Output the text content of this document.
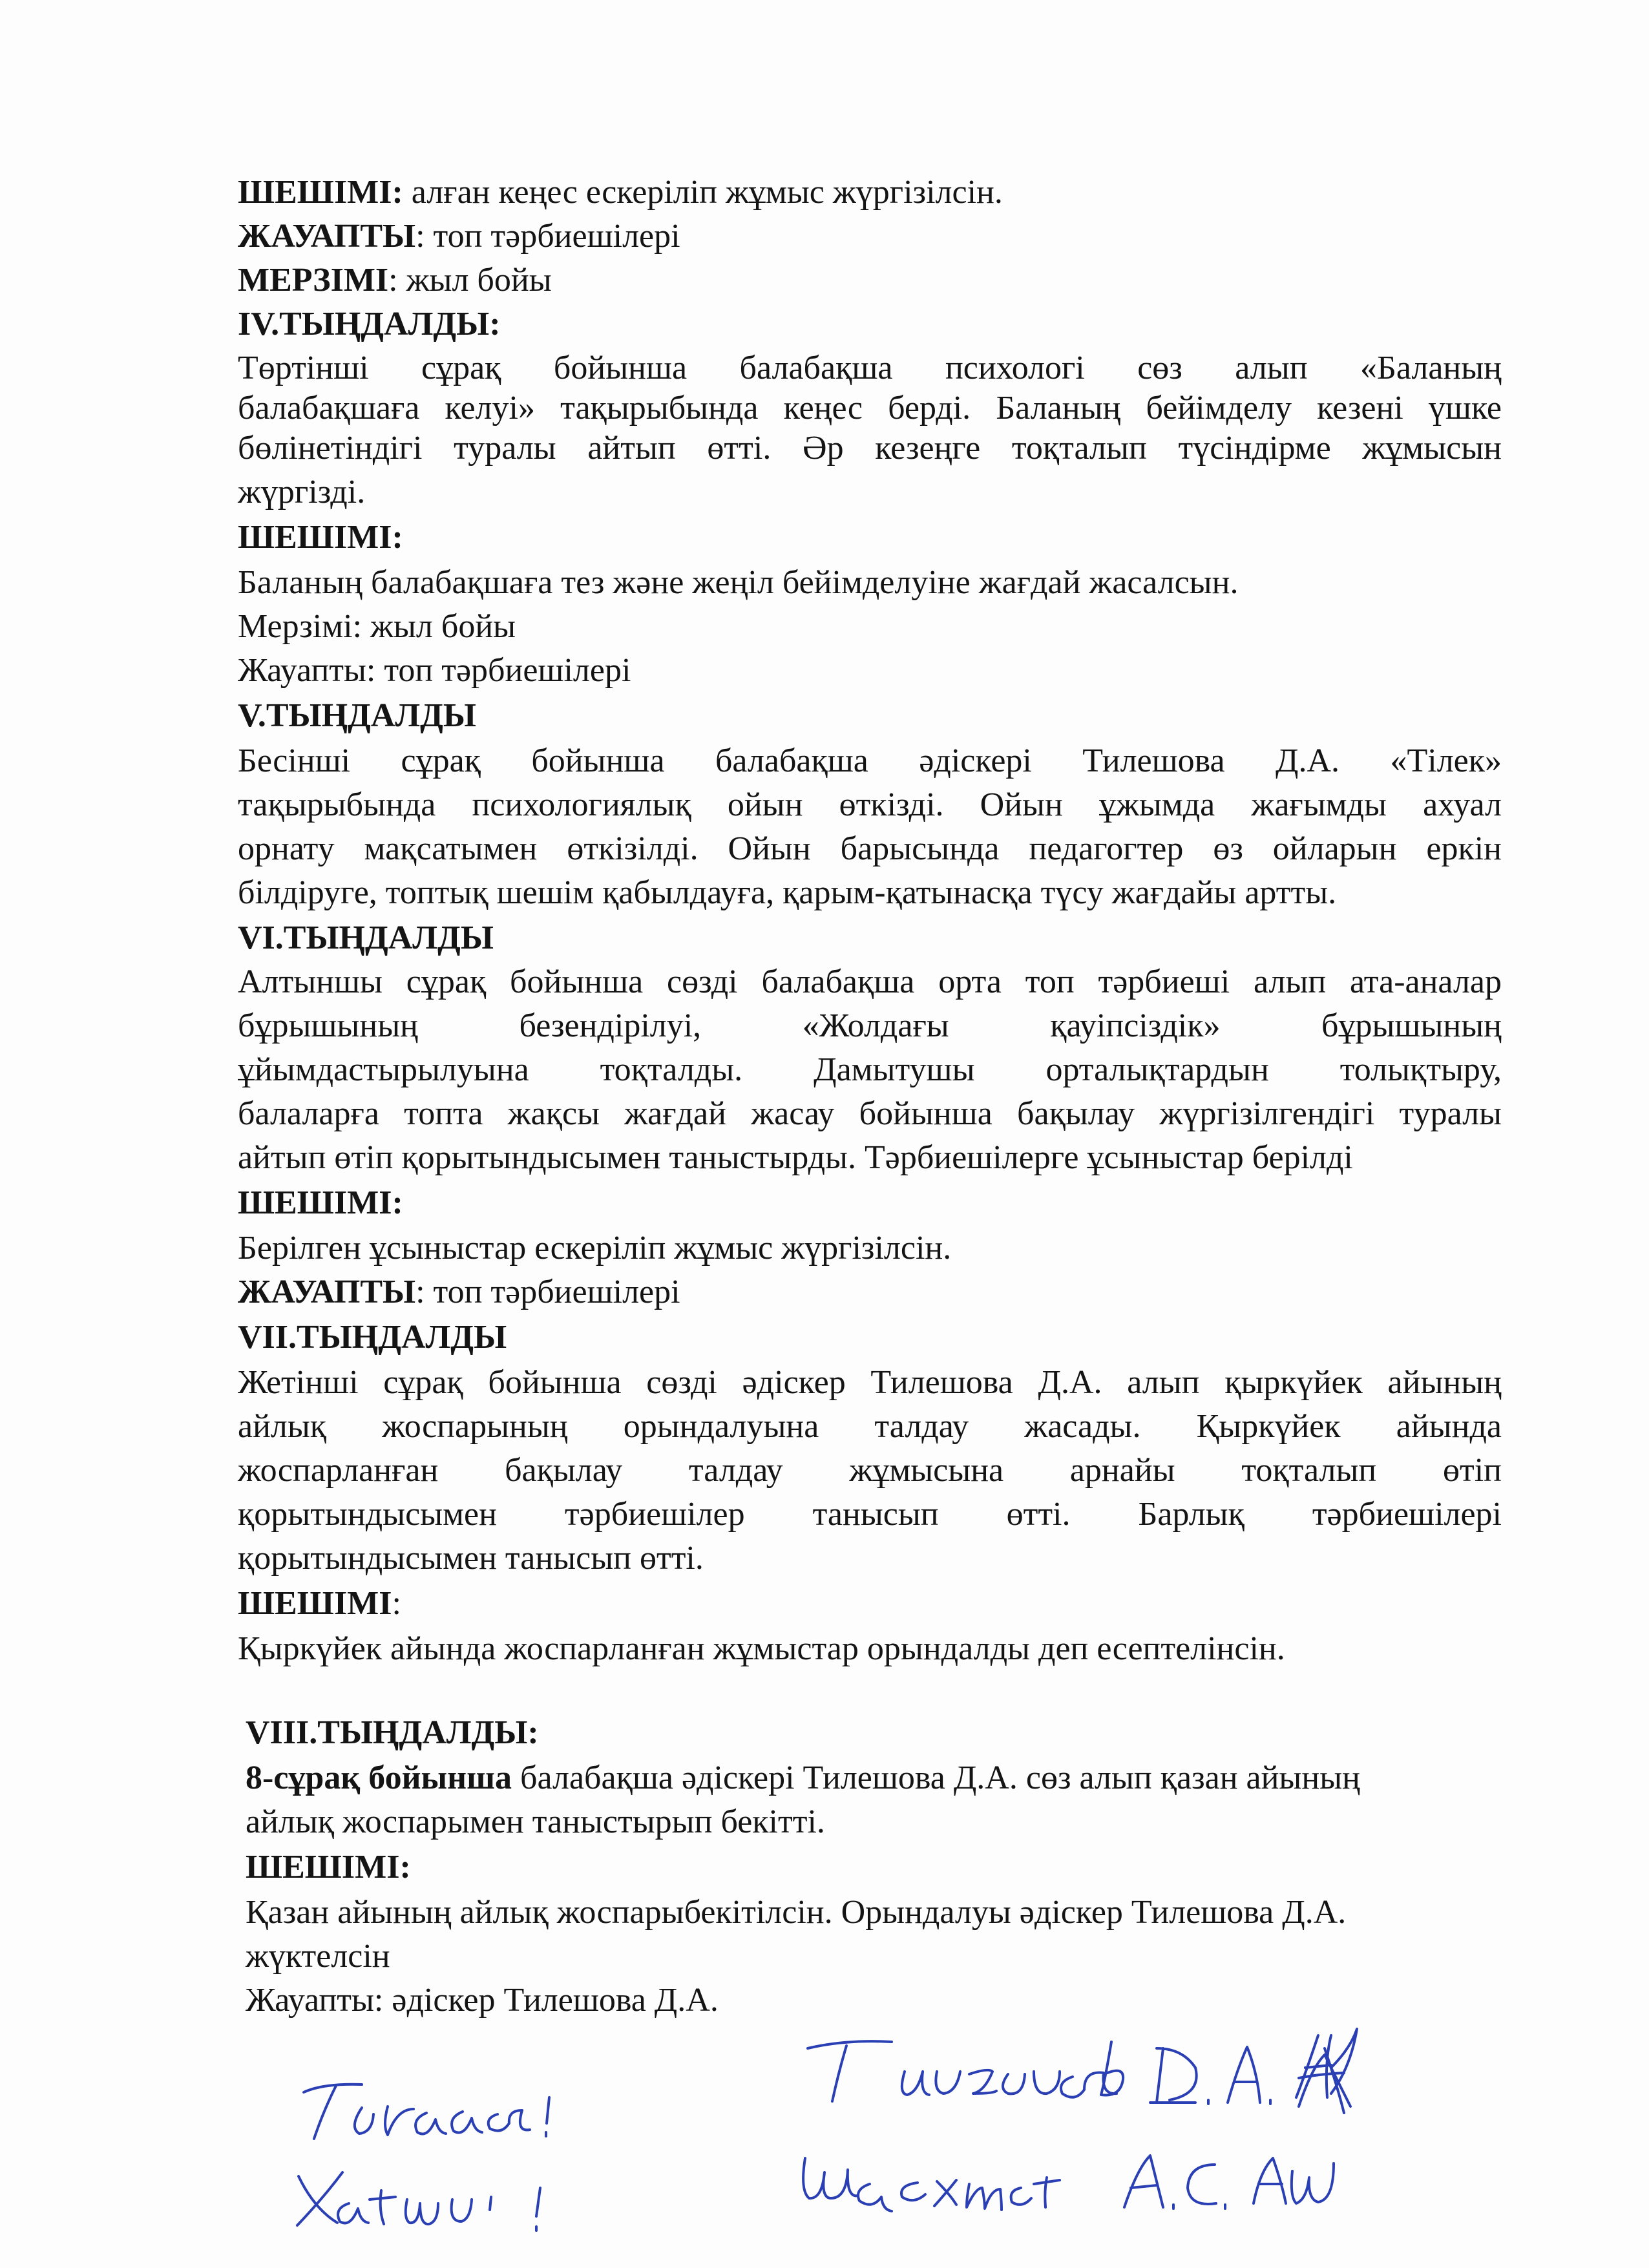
ШЕШІМІ: алған кеңес ескеріліп жұмыс жүргізілсін.
ЖАУАПТЫ: топ тәрбиешілері
МЕРЗІМІ: жыл бойы
IV.ТЫҢДАЛДЫ:
Төртінші сұрақ бойынша балабақша психологі сөз алып «Баланың
балабақшаға келуі» тақырыбында кеңес берді. Баланың бейімделу кезені үшке
бөлінетіндігі туралы айтып өтті. Әр кезеңге тоқталып түсіндірме жұмысын
жүргізді.
ШЕШІМІ:
Баланың балабақшаға тез және жеңіл бейімделуіне жағдай жасалсын.
Мерзімі: жыл бойы
Жауапты: топ тәрбиешілері
V.ТЫҢДАЛДЫ
Бесінші сұрақ бойынша балабақша әдіскері Тилешова Д.А. «Тілек»
тақырыбында психологиялық ойын өткізді. Ойын ұжымда жағымды ахуал
орнату мақсатымен өткізілді. Ойын барысында педагогтер өз ойларын еркін
білдіруге, топтық шешім қабылдауға, қарым-қатынасқа түсу жағдайы артты.
VI.ТЫҢДАЛДЫ
Алтыншы сұрақ бойынша сөзді балабақша орта топ тәрбиеші алып ата-аналар
бұрышының безендірілуі, «Жолдағы қауіпсіздік» бұрышының
ұйымдастырылуына тоқталды. Дамытушы орталықтардын толықтыру,
балаларға топта жақсы жағдай жасау бойынша бақылау жүргізілгендігі туралы
айтып өтіп қорытындысымен таныстырды. Тәрбиешілерге ұсыныстар берілді
ШЕШІМІ:
Берілген ұсыныстар ескеріліп жұмыс жүргізілсін.
ЖАУАПТЫ: топ тәрбиешілері
VII.ТЫҢДАЛДЫ
Жетінші сұрақ бойынша сөзді әдіскер Тилешова Д.А. алып қыркүйек айының
айлық жоспарының орындалуына талдау жасады. Қыркүйек айында
жоспарланған бақылау талдау жұмысына арнайы тоқталып өтіп
қорытындысымен тәрбиешілер танысып өтті. Барлық тәрбиешілері
қорытындысымен танысып өтті.
ШЕШІМІ:
Қыркүйек айында жоспарланған жұмыстар орындалды деп есептелінсін.
VIII.ТЫҢДАЛДЫ:
8-сұрақ бойынша балабақша әдіскері Тилешова Д.А. сөз алып қазан айының
айлық жоспарымен таныстырып бекітті.
ШЕШІМІ:
Қазан айының айлық жоспарыбекітілсін. Орындалуы әдіскер Тилешова Д.А.
жүктелсін
Жауапты: әдіскер Тилешова Д.А.
